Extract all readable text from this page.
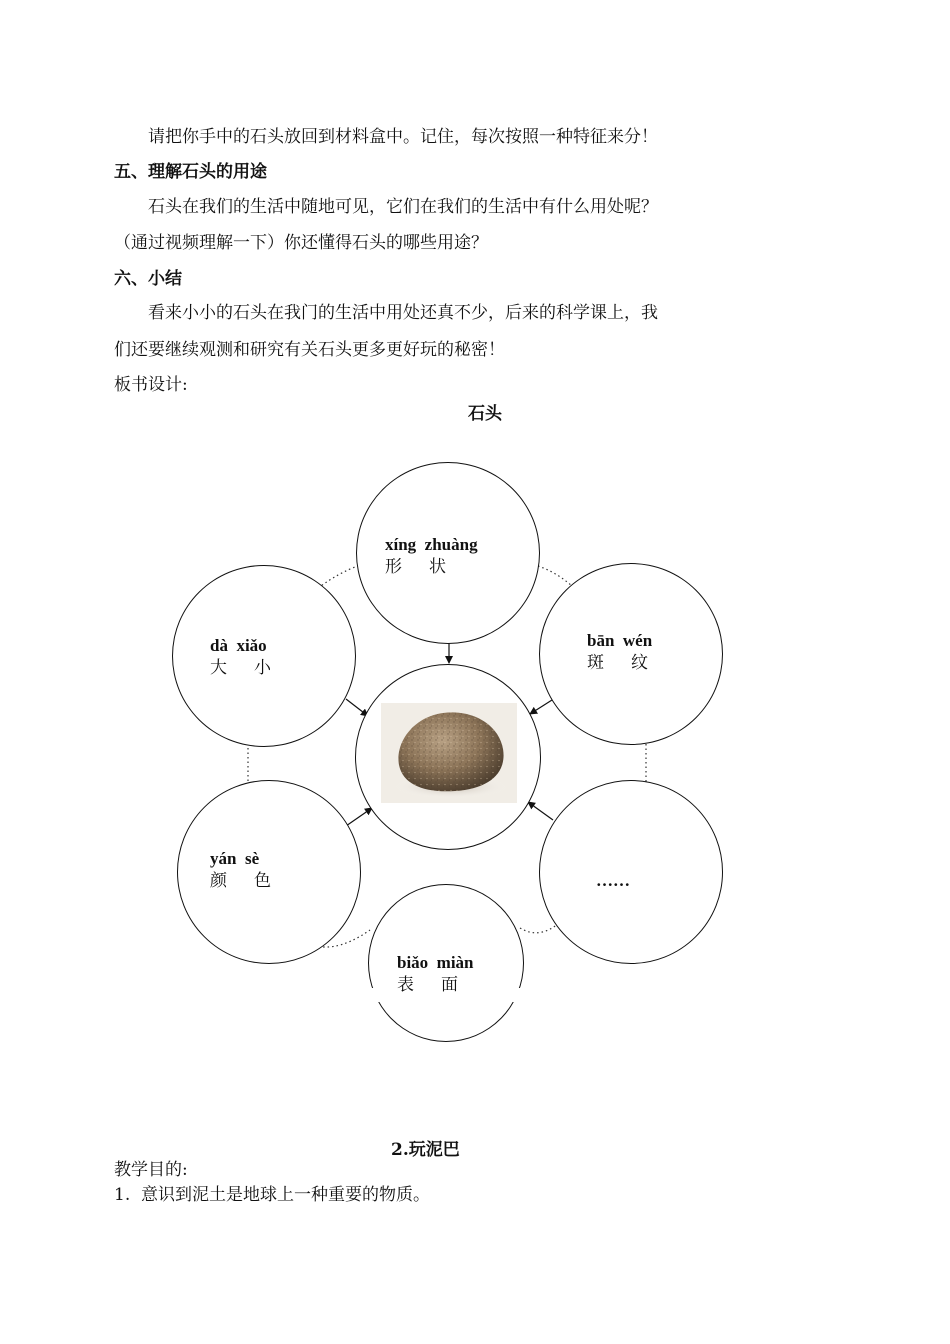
请把你手中的石头放回到材料盒中。记住，每次按照一种特征来分！
五、理解石头的用途
石头在我们的生活中随地可见，它们在我们的生活中有什么用处呢？
（通过视频理解一下）你还懂得石头的哪些用途？
六、小结
看来小小的石头在我门的生活中用处还真不少，后来的科学课上，我
们还要继续观测和研究有关石头更多更好玩的秘密！
板书设计:
石头
xíng  zhuàng
形     状
bān  wén
斑     纹
dà  xiǎo
大     小
yán  sè
颜     色
biǎo  miàn
表     面
……
2.玩泥巴
教学目的:
1.  意识到泥土是地球上一种重要的物质。
